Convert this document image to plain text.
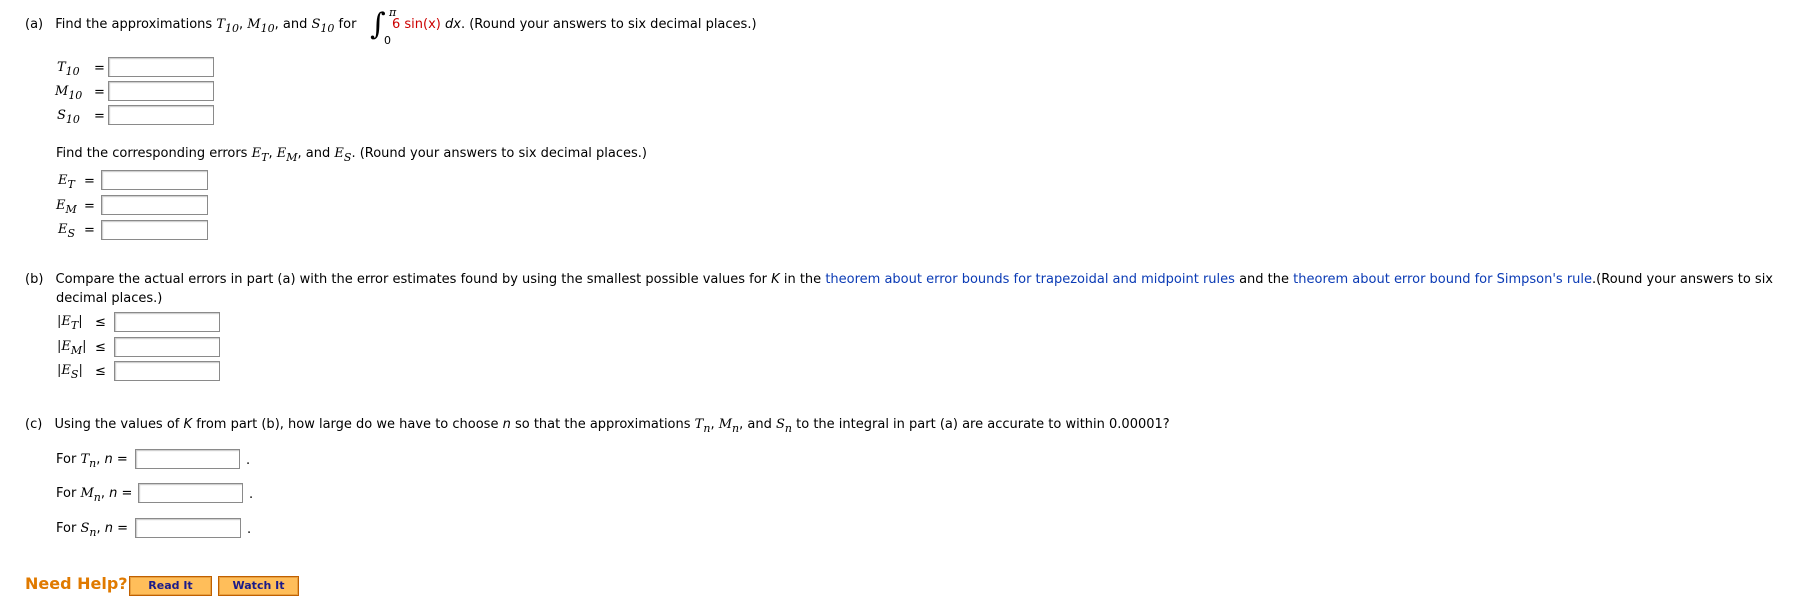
(a) Find the approximations $T_{10}$, $M_{10}$, and $S_{10}$ for ∫ π
0
6 sin(x) dx. (Round your answers to six decimal places.)
$T_{10}$ =
$M_{10}$ =
$S_{10}$ =
Find the corresponding errors $E_T$, $E_M$, and $E_S$. (Round your answers to six decimal places.)
$E_T$ =
$E_M$ =
$E_S$ =
(b) Compare the actual errors in part (a) with the error estimates found by using the smallest possible values for K in the theorem about error bounds for trapezoidal and midpoint rules and the theorem about error bound for Simpson's rule.(Round your answers to six
decimal places.)
$|E_T|$ ≤
$|E_M|$ ≤
$|E_S|$ ≤
(c) Using the values of K from part (b), how large do we have to choose n so that the approximations $T_n$, $M_n$, and $S_n$ to the integral in part (a) are accurate to within 0.00001?
For $T_n$, n =	.
For $M_n$, n =	.
For $S_n$, n =	.
Need Help?	Read It	Watch It
